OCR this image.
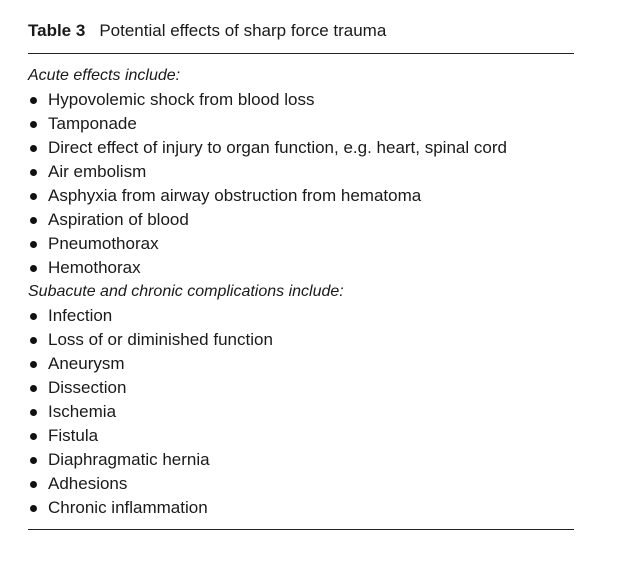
Table 3 Potential effects of sharp force trauma
Acute effects include:
Hypovolemic shock from blood loss
Tamponade
Direct effect of injury to organ function, e.g. heart, spinal cord
Air embolism
Asphyxia from airway obstruction from hematoma
Aspiration of blood
Pneumothorax
Hemothorax
Subacute and chronic complications include:
Infection
Loss of or diminished function
Aneurysm
Dissection
Ischemia
Fistula
Diaphragmatic hernia
Adhesions
Chronic inflammation
